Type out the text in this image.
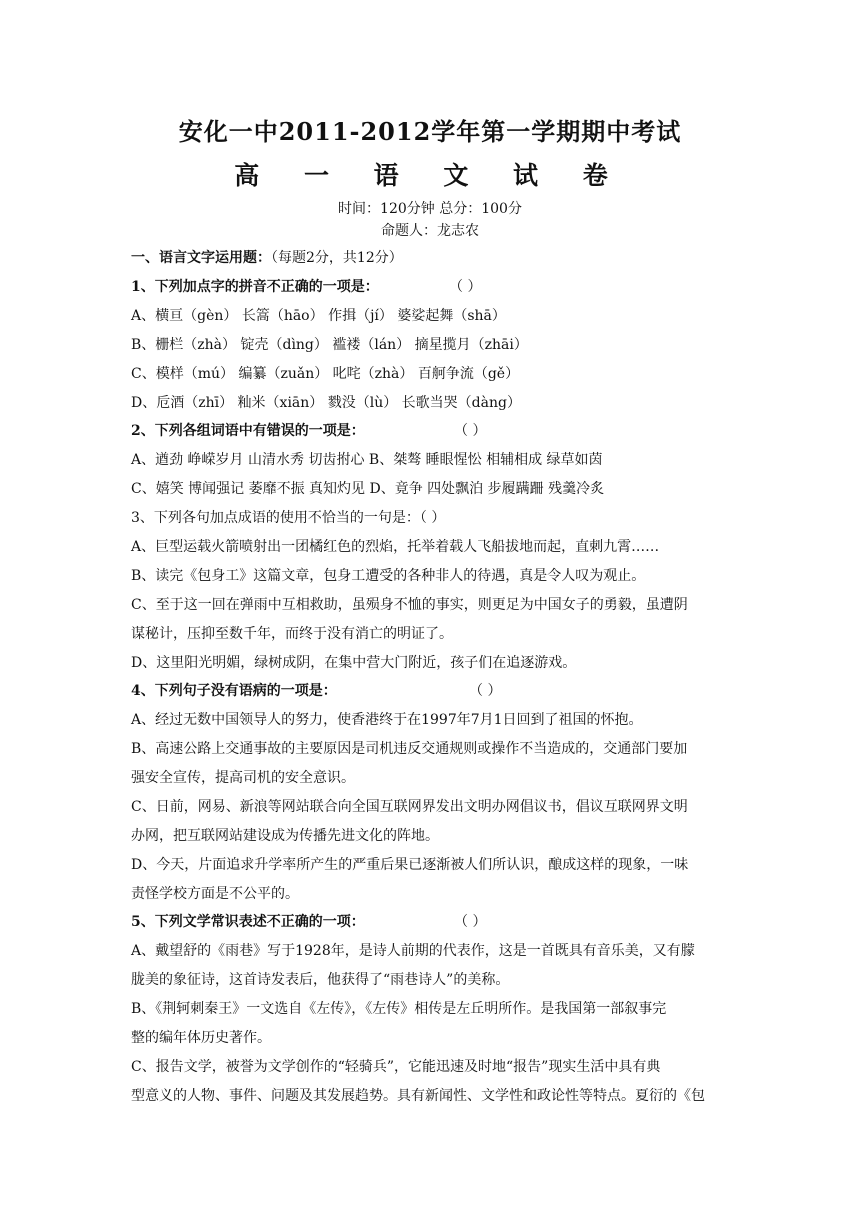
安化一中2011-2012学年第一学期期中考试
高 一 语 文 试 卷
时间：120分钟 总分：100分
命题人：龙志农
一、语言文字运用题：（每题2分，共12分）
1、下列加点字的拼音不正确的一项是：	（ ）
A、横亘（gèn） 长篙（hāo） 作揖（jí） 婆娑起舞（shā）
B、栅栏（zhà） 锭壳（dìng） 褴褛（lán） 摘星揽月（zhāi）
C、模样（mú） 编纂（zuǎn） 叱咤（zhà） 百舸争流（gě）
D、卮酒（zhī） 籼米（xiān） 戮没（lù） 长歌当哭（dàng）
2、下列各组词语中有错误的一项是：	（ ）
A、遒劲 峥嵘岁月 山清水秀 切齿拊心 B、桀骜 睡眼惺忪 相辅相成 绿草如茵
C、嬉笑 博闻强记 萎靡不振 真知灼见 D、竟争 四处飘泊 步履蹒跚 残羹冷炙
3、下列各句加点成语的使用不恰当的一句是：（ ）
A、巨型运载火箭喷射出一团橘红色的烈焰，托举着载人飞船拔地而起，直刺九霄……
B、读完《包身工》这篇文章，包身工遭受的各种非人的待遇，真是令人叹为观止。
C、至于这一回在弹雨中互相救助，虽殒身不恤的事实，则更足为中国女子的勇毅，虽遭阴
谋秘计，压抑至数千年，而终于没有消亡的明证了。
D、这里阳光明媚，绿树成阴，在集中营大门附近，孩子们在追逐游戏。
4、下列句子没有语病的一项是：	（ ）
A、经过无数中国领导人的努力，使香港终于在1997年7月1日回到了祖国的怀抱。
B、高速公路上交通事故的主要原因是司机违反交通规则或操作不当造成的，交通部门要加
强安全宣传，提高司机的安全意识。
C、日前，网易、新浪等网站联合向全国互联网界发出文明办网倡议书，倡议互联网界文明
办网，把互联网站建设成为传播先进文化的阵地。
D、今天，片面追求升学率所产生的严重后果已逐渐被人们所认识，酿成这样的现象，一味
责怪学校方面是不公平的。
5、下列文学常识表述不正确的一项：	（ ）
A、戴望舒的《雨巷》写于1928年，是诗人前期的代表作，这是一首既具有音乐美，又有朦
胧美的象征诗，这首诗发表后，他获得了“雨巷诗人”的美称。
B、《荆轲刺秦王》一文选自《左传》，《左传》相传是左丘明所作。是我国第一部叙事完
整的编年体历史著作。
C、报告文学，被誉为文学创作的“轻骑兵”，它能迅速及时地“报告”现实生活中具有典
型意义的人物、事件、问题及其发展趋势。具有新闻性、文学性和政论性等特点。夏衍的《包
